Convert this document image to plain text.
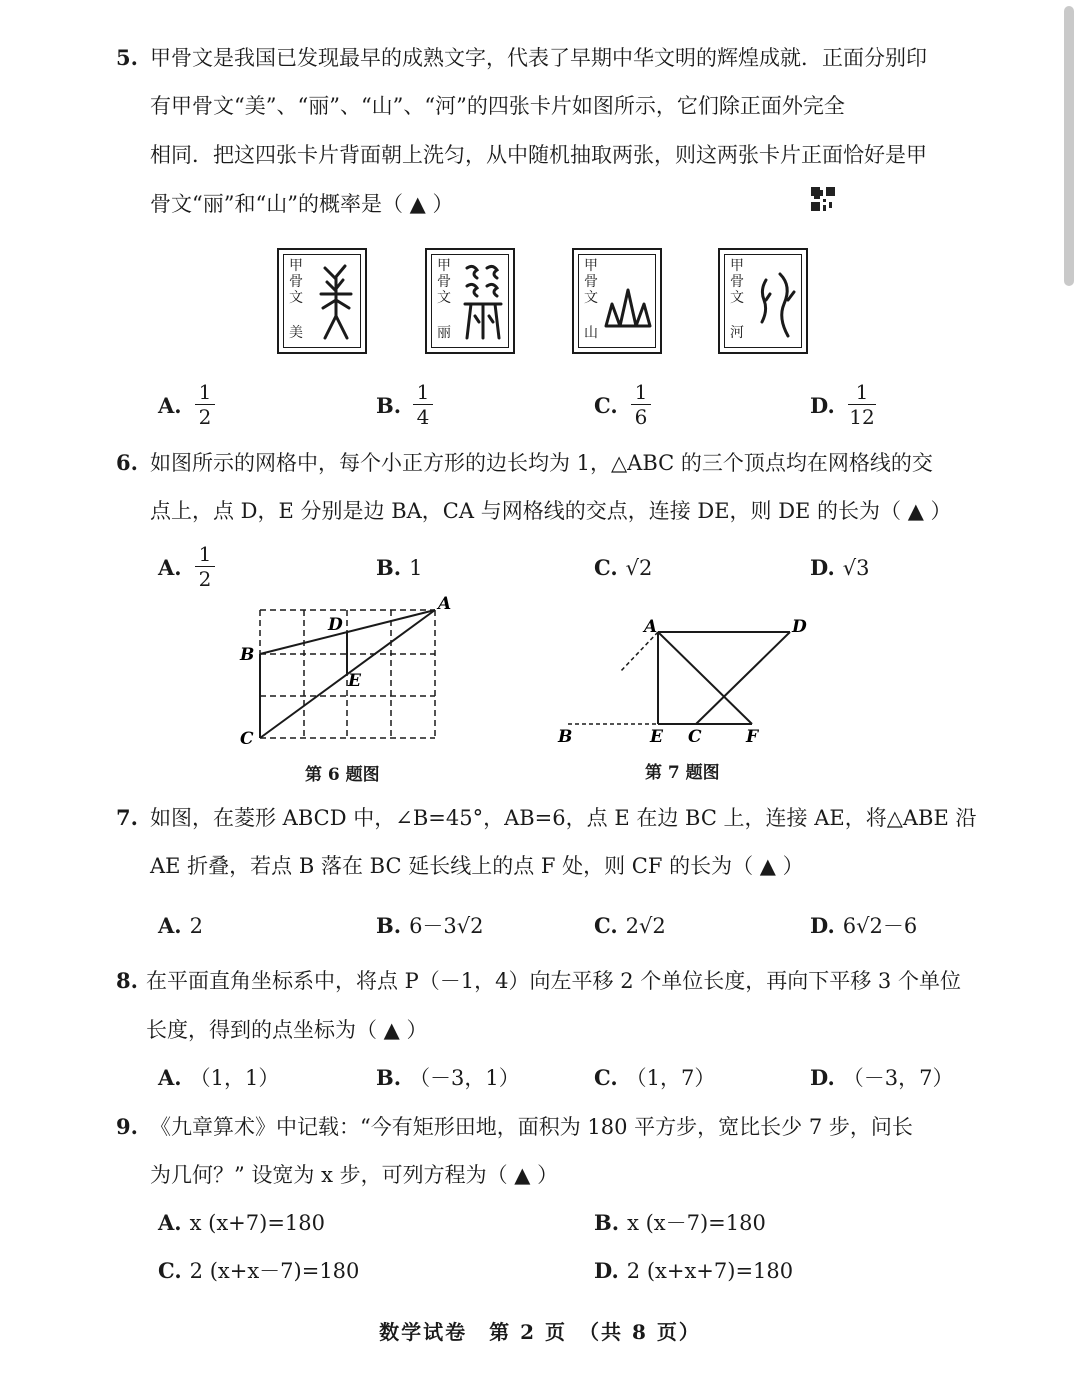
5. 甲骨文是我国已发现最早的成熟文字，代表了早期中华文明的辉煌成就．正面分别印
有甲骨文“美”、“丽”、“山”、“河”的四张卡片如图所示，它们除正面外完全
相同．把这四张卡片背面朝上洗匀，从中随机抽取两张，则这两张卡片正面恰好是甲
骨文“丽”和“山”的概率是（ ▲ ）
甲骨文
美
甲骨文
丽
甲骨文
山
甲骨文
河
A.
1
2	B.
1
4	C.
1
6	D.
1
12
6. 如图所示的网格中，每个小正方形的边长均为 1，△ABC 的三个顶点均在网格线的交
点上，点 D，E 分别是边 BA，CA 与网格线的交点，连接 DE，则 DE 的长为（ ▲ ）
A.
1
2	B. 1	C. √2	D. √3
A
B
C
D
E
第 6 题图
A	D
B	E C	F
第 7 题图
7. 如图，在菱形 ABCD 中，∠B=45°，AB=6，点 E 在边 BC 上，连接 AE，将△ABE 沿
AE 折叠，若点 B 落在 BC 延长线上的点 F 处，则 CF 的长为（ ▲ ）
A. 2	B. 6－3√2	C. 2√2	D. 6√2－6
8. 在平面直角坐标系中，将点 P（－1，4）向左平移 2 个单位长度，再向下平移 3 个单位
长度，得到的点坐标为（ ▲ ）
A. （1，1）	B. （－3，1）	C. （1，7）	D. （－3，7）
9. 《九章算术》中记载：“今有矩形田地，面积为 180 平方步，宽比长少 7 步，问长
为几何？” 设宽为 x 步，可列方程为（ ▲ ）
A. x (x+7)=180	B. x (x－7)=180
C. 2 (x+x－7)=180	D. 2 (x+x+7)=180
数学试卷　第 2 页　（共 8 页）
